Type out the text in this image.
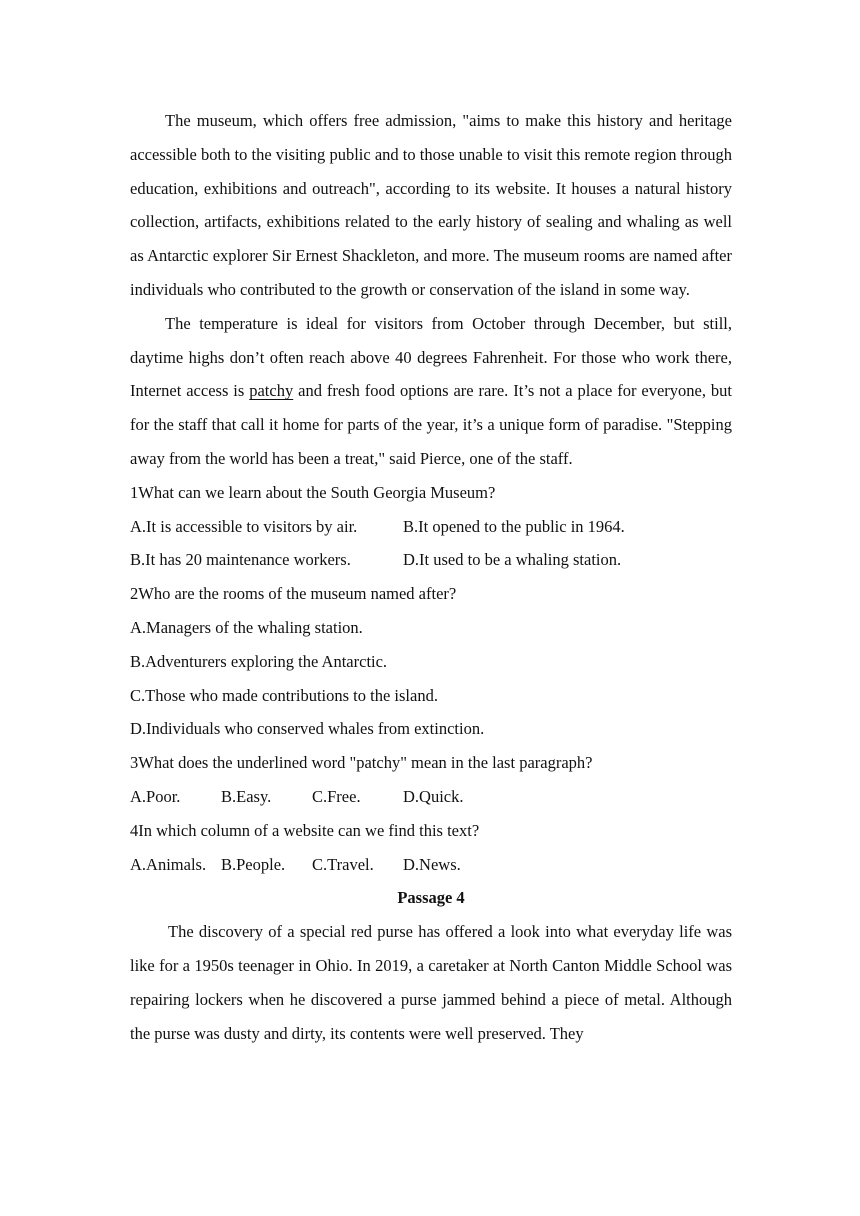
The museum, which offers free admission, "aims to make this history and heritage accessible both to the visiting public and to those unable to visit this remote region through education, exhibitions and outreach", according to its website. It houses a natural history collection, artifacts, exhibitions related to the early history of sealing and whaling as well as Antarctic explorer Sir Ernest Shackleton, and more. The museum rooms are named after individuals who contributed to the growth or conservation of the island in some way.

The temperature is ideal for visitors from October through December, but still, daytime highs don’t often reach above 40 degrees Fahrenheit. For those who work there, Internet access is patchy and fresh food options are rare. It’s not a place for everyone, but for the staff that call it home for parts of the year, it’s a unique form of paradise. "Stepping away from the world has been a treat," said Pierce, one of the staff.

1What can we learn about the South Georgia Museum?

A.It is accessible to visitors by air.	B.It opened to the public in 1964.

B.It has 20 maintenance workers.	D.It used to be a whaling station.

2Who are the rooms of the museum named after?

A.Managers of the whaling station.

B.Adventurers exploring the Antarctic.

C.Those who made contributions to the island.

D.Individuals who conserved whales from extinction.

3What does the underlined word "patchy" mean in the last paragraph?

A.Poor. B.Easy. C.Free.	D.Quick.

4In which column of a website can we find this text?

A.Animals. B.People. C.Travel. D.News.

Passage 4

The discovery of a special red purse has offered a look into what everyday life was like for a 1950s teenager in Ohio. In 2019, a caretaker at North Canton Middle School was repairing lockers when he discovered a purse jammed behind a piece of metal. Although the purse was dusty and dirty, its contents were well preserved. They
